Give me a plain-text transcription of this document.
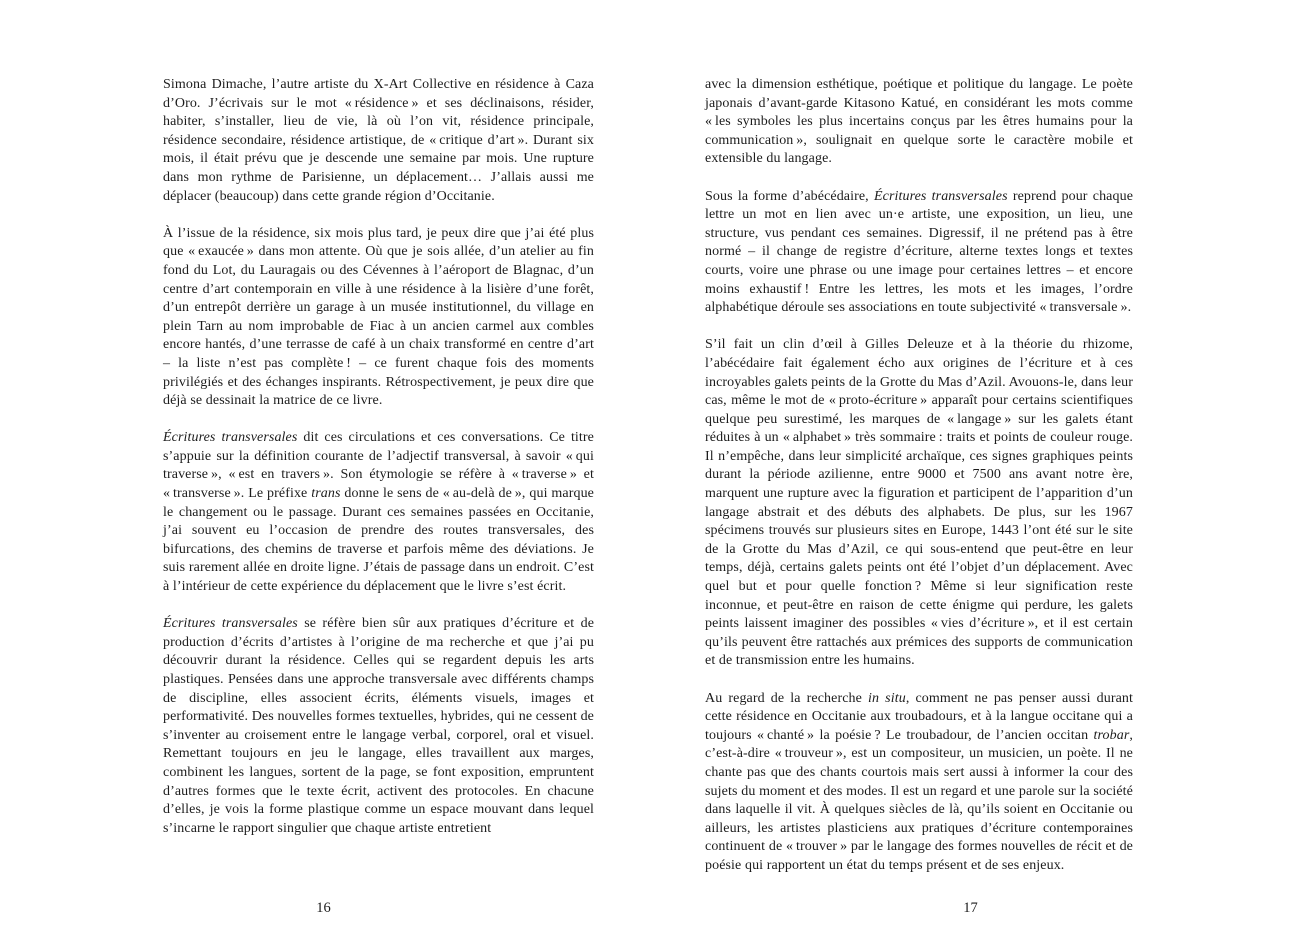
Simona Dimache, l’autre artiste du X-Art Collective en résidence à Caza d’Oro. J’écrivais sur le mot « résidence » et ses déclinaisons, résider, habiter, s’installer, lieu de vie, là où l’on vit, résidence principale, résidence secondaire, résidence artistique, de « critique d’art ». Durant six mois, il était prévu que je descende une semaine par mois. Une rupture dans mon rythme de Parisienne, un déplacement… J’allais aussi me déplacer (beaucoup) dans cette grande région d’Occitanie.

À l’issue de la résidence, six mois plus tard, je peux dire que j’ai été plus que « exaucée » dans mon attente. Où que je sois allée, d’un atelier au fin fond du Lot, du Lauragais ou des Cévennes à l’aéroport de Blagnac, d’un centre d’art contemporain en ville à une résidence à la lisière d’une forêt, d’un entrepôt derrière un garage à un musée institutionnel, du village en plein Tarn au nom improbable de Fiac à un ancien carmel aux combles encore hantés, d’une terrasse de café à un chaix transformé en centre d’art – la liste n’est pas complète ! – ce furent chaque fois des moments privilégiés et des échanges inspirants. Rétrospectivement, je peux dire que déjà se dessinait la matrice de ce livre.

Écritures transversales dit ces circulations et ces conversations. Ce titre s’appuie sur la définition courante de l’adjectif transversal, à savoir « qui traverse », « est en travers ». Son étymologie se réfère à « traverse » et « transverse ». Le préfixe trans donne le sens de « au-delà de », qui marque le changement ou le passage. Durant ces semaines passées en Occitanie, j’ai souvent eu l’occasion de prendre des routes transversales, des bifurcations, des chemins de traverse et parfois même des déviations. Je suis rarement allée en droite ligne. J’étais de passage dans un endroit. C’est à l’intérieur de cette expérience du déplacement que le livre s’est écrit.

Écritures transversales se réfère bien sûr aux pratiques d’écriture et de production d’écrits d’artistes à l’origine de ma recherche et que j’ai pu découvrir durant la résidence. Celles qui se regardent depuis les arts plastiques. Pensées dans une approche transversale avec différents champs de discipline, elles associent écrits, éléments visuels, images et performativité. Des nouvelles formes textuelles, hybrides, qui ne cessent de s’inventer au croisement entre le langage verbal, corporel, oral et visuel. Remettant toujours en jeu le langage, elles travaillent aux marges, combinent les langues, sortent de la page, se font exposition, empruntent d’autres formes que le texte écrit, activent des protocoles. En chacune d’elles, je vois la forme plastique comme un espace mouvant dans lequel s’incarne le rapport singulier que chaque artiste entretient

avec la dimension esthétique, poétique et politique du langage. Le poète japonais d’avant-garde Kitasono Katué, en considérant les mots comme « les symboles les plus incertains conçus par les êtres humains pour la communication », soulignait en quelque sorte le caractère mobile et extensible du langage.

Sous la forme d’abécédaire, Écritures transversales reprend pour chaque lettre un mot en lien avec un·e artiste, une exposition, un lieu, une structure, vus pendant ces semaines. Digressif, il ne prétend pas à être normé – il change de registre d’écriture, alterne textes longs et textes courts, voire une phrase ou une image pour certaines lettres – et encore moins exhaustif ! Entre les lettres, les mots et les images, l’ordre alphabétique déroule ses associations en toute subjectivité « transversale ».

S’il fait un clin d’œil à Gilles Deleuze et à la théorie du rhizome, l’abécédaire fait également écho aux origines de l’écriture et à ces incroyables galets peints de la Grotte du Mas d’Azil. Avouons-le, dans leur cas, même le mot de « proto-écriture » apparaît pour certains scientifiques quelque peu surestimé, les marques de « langage » sur les galets étant réduites à un « alphabet » très sommaire : traits et points de couleur rouge. Il n’empêche, dans leur simplicité archaïque, ces signes graphiques peints durant la période azilienne, entre 9000 et 7500 ans avant notre ère, marquent une rupture avec la figuration et participent de l’apparition d’un langage abstrait et des débuts des alphabets. De plus, sur les 1967 spécimens trouvés sur plusieurs sites en Europe, 1443 l’ont été sur le site de la Grotte du Mas d’Azil, ce qui sous-entend que peut-être en leur temps, déjà, certains galets peints ont été l’objet d’un déplacement. Avec quel but et pour quelle fonction ? Même si leur signification reste inconnue, et peut-être en raison de cette énigme qui perdure, les galets peints laissent imaginer des possibles « vies d’écriture », et il est certain qu’ils peuvent être rattachés aux prémices des supports de communication et de transmission entre les humains.

Au regard de la recherche in situ, comment ne pas penser aussi durant cette résidence en Occitanie aux troubadours, et à la langue occitane qui a toujours « chanté » la poésie ? Le troubadour, de l’ancien occitan trobar, c’est-à-dire « trouveur », est un compositeur, un musicien, un poète. Il ne chante pas que des chants courtois mais sert aussi à informer la cour des sujets du moment et des modes. Il est un regard et une parole sur la société dans laquelle il vit. À quelques siècles de là, qu’ils soient en Occitanie ou ailleurs, les artistes plasticiens aux pratiques d’écriture contemporaines continuent de « trouver » par le langage des formes nouvelles de récit et de poésie qui rapportent un état du temps présent et de ses enjeux.

16	17
